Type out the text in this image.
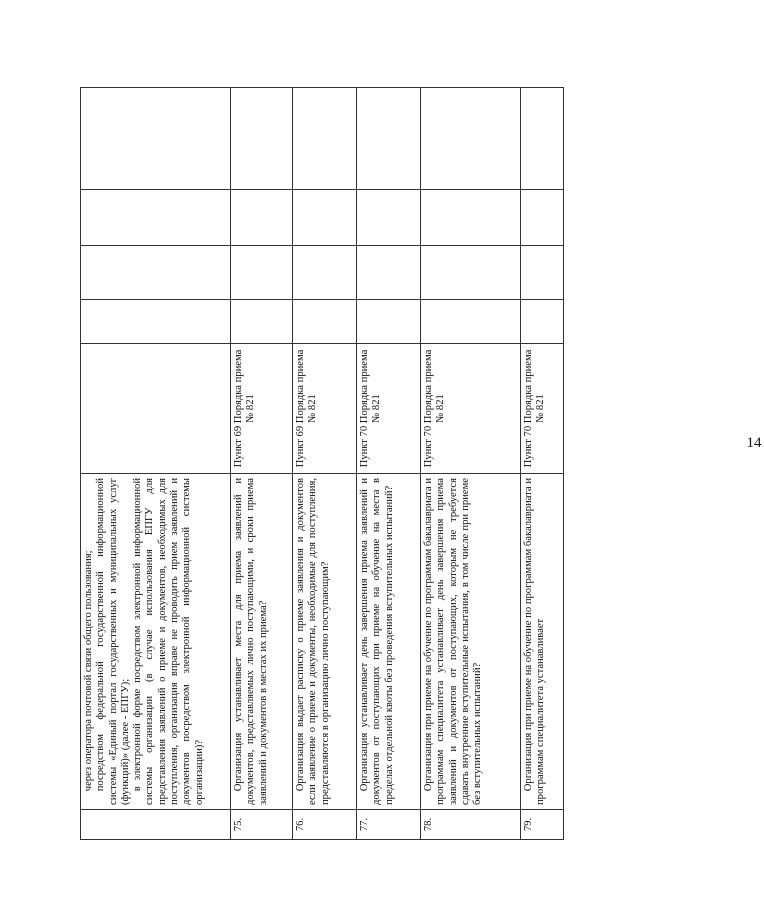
14

	через оператора почтовой связи общего пользования; посредством федеральной государственной информационной системы «Единый портал государственных и муниципальных услуг (функций)» (далее - ЕПГУ); в электронной форме посредством электронной информационной системы организации (в случае использования ЕПГУ для представления заявлений о приеме и документов, необходимых для поступления, организация вправе не проводить прием заявлений и документов посредством электронной информационной системы организации)?					

75.	Организация устанавливает места для приема заявлений и документов, представляемых лично поступающими, и сроки приема заявлений и документов в местах их приема?	Пункт 69 Порядка приема № 821				
76.	Организация выдает расписку о приеме заявления и документов если заявление о приеме и документы, необходимые для поступления, представляются в организацию лично поступающим?	Пункт 69 Порядка приема № 821				
77.	Организация устанавливает день завершения приема заявлений и документов от поступающих при приеме на обучение на места в пределах отдельной квоты без проведения вступительных испытаний?	Пункт 70 Порядка приема № 821				
78.	Организация при приеме на обучение по программам бакалавриата и программам специалитета устанавливает день завершения приема заявлений и документов от поступающих, которым не требуется сдавать внутренние вступительные испытания, в том числе при приеме без вступительных испытаний?	Пункт 70 Порядка приема № 821				
79.	Организация при приеме на обучение по программам бакалавриата и программам специалитета устанавливает	Пункт 70 Порядка приема № 821				
